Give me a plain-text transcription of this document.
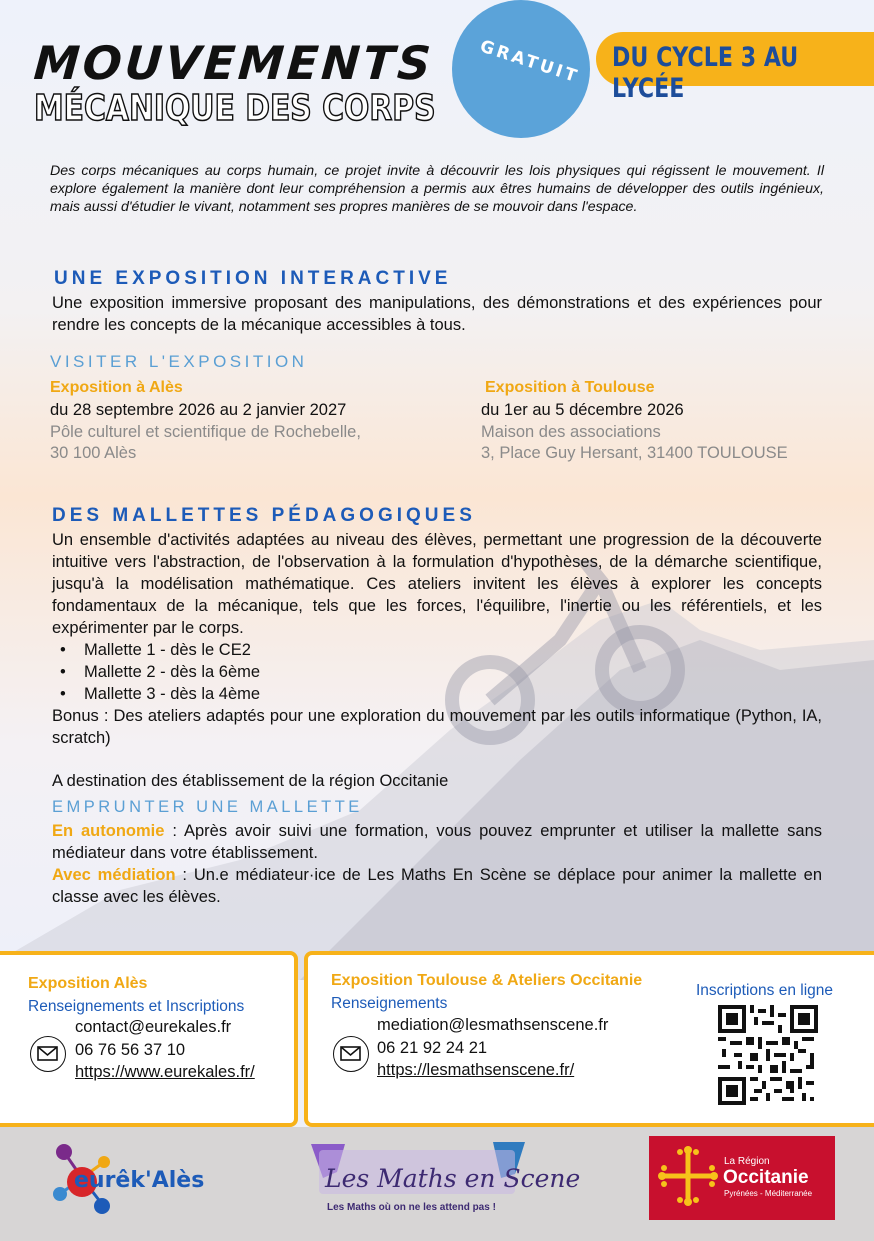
MOUVEMENTS
MÉCANIQUE DES CORPS
GRATUIT DU CYCLE 3 AU LYCÉE
Des corps mécaniques au corps humain, ce projet invite à découvrir les lois physiques qui régissent le mouvement. Il explore également la manière dont leur compréhension a permis aux êtres humains de développer des outils ingénieux, mais aussi d'étudier le vivant, notamment ses propres manières de se mouvoir dans l'espace.
UNE EXPOSITION INTERACTIVE
Une exposition immersive proposant des manipulations, des démonstrations et des expériences pour rendre les concepts de la mécanique accessibles à tous.
VISITER L'EXPOSITION
Exposition à Alès
du 28 septembre 2026 au 2 janvier 2027
Pôle culturel et scientifique de Rochebelle,
30 100 Alès
Exposition à Toulouse
du 1er au 5 décembre 2026
Maison des associations
3, Place Guy Hersant, 31400 TOULOUSE
DES MALLETTES PÉDAGOGIQUES
Un ensemble d'activités adaptées au niveau des élèves, permettant une progression de la découverte intuitive vers l'abstraction, de l'observation à la formulation d'hypothèses, de la démarche scientifique, jusqu'à la modélisation mathématique. Ces ateliers invitent les élèves à explorer les concepts fondamentaux de la mécanique, tels que les forces, l'équilibre, l'inertie ou les référentiels, et les expérimenter par le corps.
• Mallette 1 - dès le CE2
• Mallette 2 - dès la 6ème
• Mallette 3 - dès la 4ème
Bonus : Des ateliers adaptés pour une exploration du mouvement par les outils informatique (Python, IA, scratch)
A destination des établissement de la région Occitanie
EMPRUNTER UNE MALLETTE
En autonomie : Après avoir suivi une formation, vous pouvez emprunter et utiliser la mallette sans médiateur dans votre établissement.
Avec médiation : Un.e médiateur·ice de Les Maths En Scène se déplace pour animer la mallette en classe avec les élèves.
Exposition Alès
Renseignements et Inscriptions
contact@eurekales.fr
06 76 56 37 10
https://www.eurekales.fr/
Exposition Toulouse & Ateliers Occitanie
Renseignements
mediation@lesmathsenscene.fr
06 21 92 24 21
https://lesmathsenscene.fr/
Inscriptions en ligne
eurêk'Alès	Les Maths en Scene
Les Maths où on ne les attend pas !
La Région
Occitanie
Pyrénées - Méditerranée
